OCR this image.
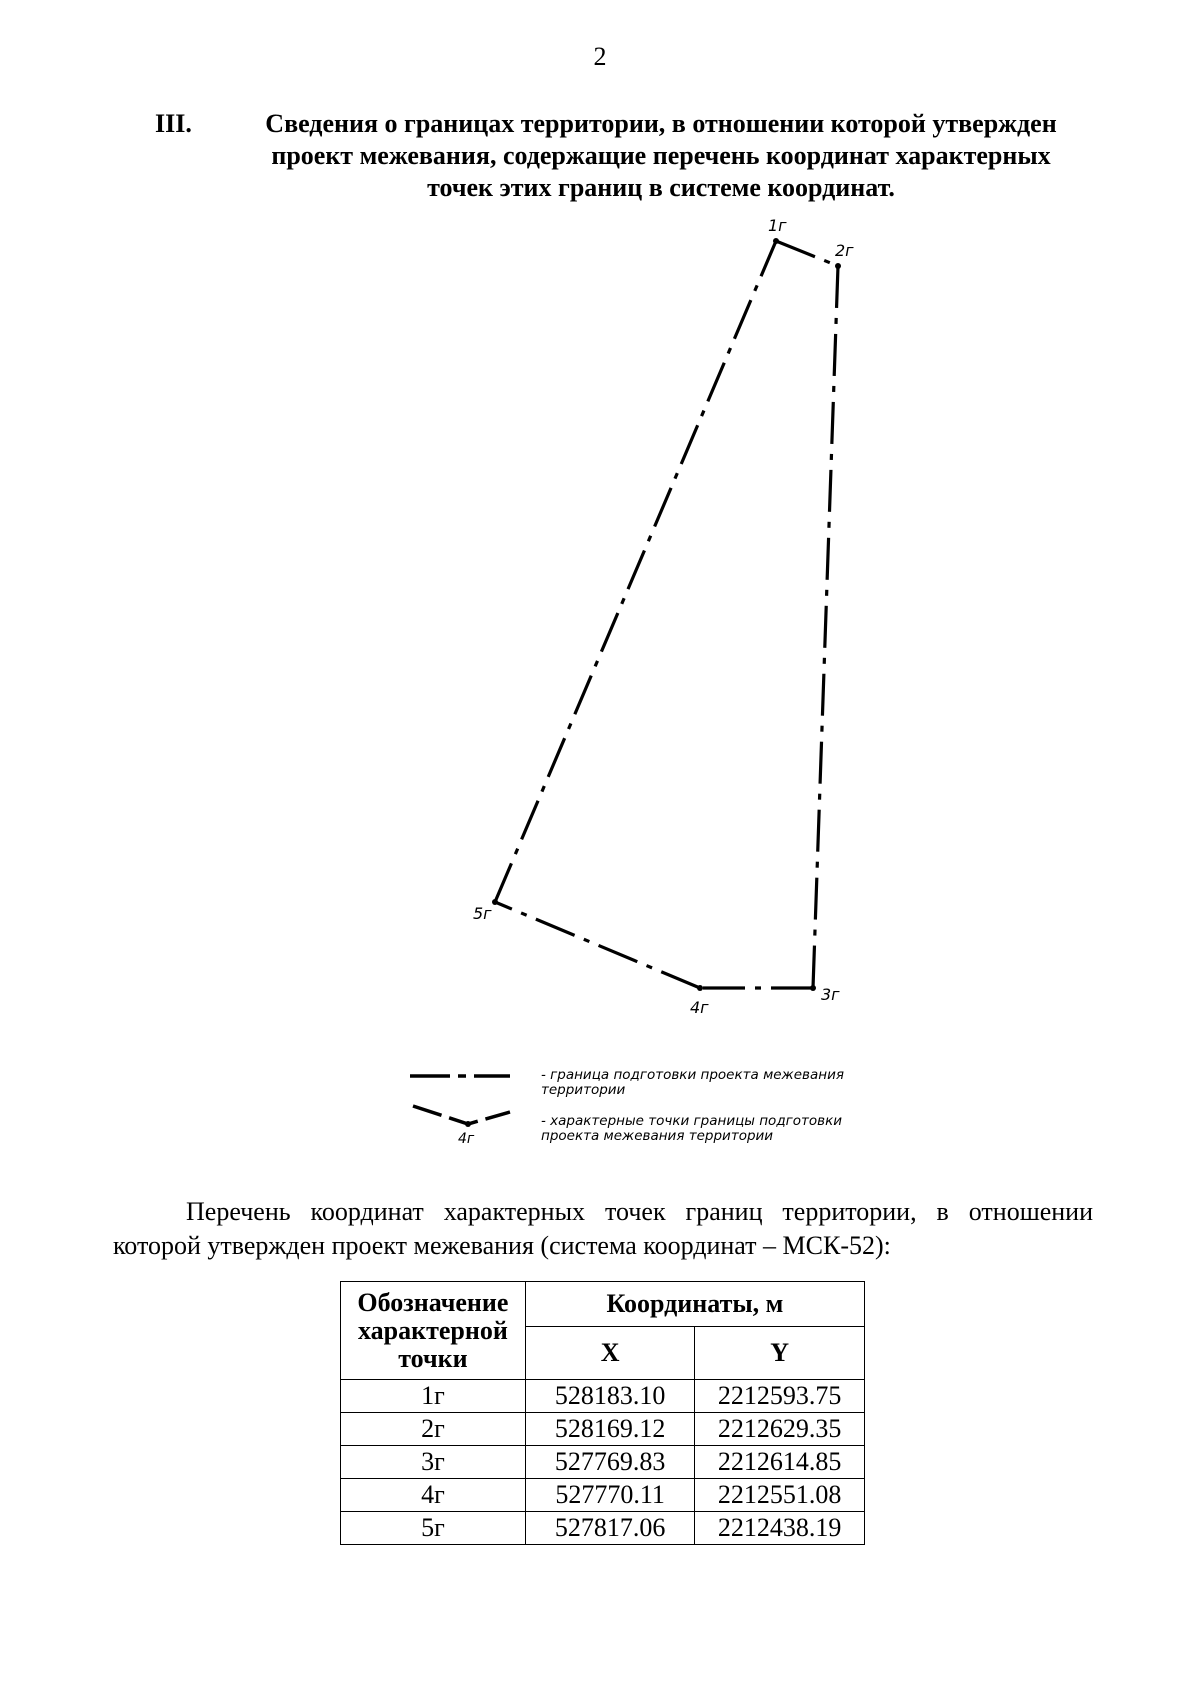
2
III.	Сведения о границах территории, в отношении которой утвержден
проект межевания, содержащие перечень координат характерных
точек этих границ в системе координат.
1г
2г
3г
4г
5г
4г
- граница подготовки проекта межевания
территории
- характерные точки границы подготовки
проекта межевания территории

Перечень координат характерных точек границ территории, в отношении которой утвержден проект межевания (система координат – МСК-52):

Обозначение характерной точки	Координаты, м	
	X	Y
1г	528183.10	2212593.75
2г	528169.12	2212629.35
3г	527769.83	2212614.85
4г	527770.11	2212551.08
5г	527817.06	2212438.19
